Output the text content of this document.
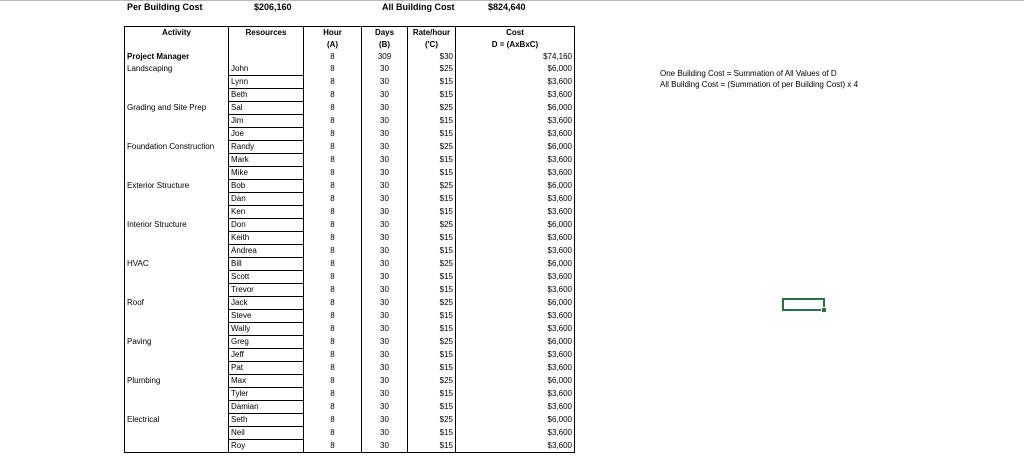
Per Building Cost	$206,160	All Building Cost	$824,640
Activity	Resources	Hour	Days	Rate/hour	Cost
		(A)	(B)	('C)	D = (AxBxC)
Project Manager		8	309	$30	$74,160
Landscaping	John	8	30	$25	$6,000
	Lynn	8	30	$15	$3,600
	Beth	8	30	$15	$3,600
Grading and Site Prep	Sal	8	30	$25	$6,000
	Jim	8	30	$15	$3,600
	Joe	8	30	$15	$3,600
Foundation Construction	Randy	8	30	$25	$6,000
	Mark	8	30	$15	$3,600
	Mike	8	30	$15	$3,600
Exterior Structure	Bob	8	30	$25	$6,000
	Dan	8	30	$15	$3,600
	Ken	8	30	$15	$3,600
Interior Structure	Don	8	30	$25	$6,000
	Keith	8	30	$15	$3,600
	Andrea	8	30	$15	$3,600
HVAC	Bill	8	30	$25	$6,000
	Scott	8	30	$15	$3,600
	Trevor	8	30	$15	$3,600
Roof	Jack	8	30	$25	$6,000
	Steve	8	30	$15	$3,600
	Wally	8	30	$15	$3,600
Paving	Greg	8	30	$25	$6,000
	Jeff	8	30	$15	$3,600
	Pat	8	30	$15	$3,600
Plumbing	Max	8	30	$25	$6,000
	Tyler	8	30	$15	$3,600
	Damian	8	30	$15	$3,600
Electrical	Seth	8	30	$25	$6,000
	Neil	8	30	$15	$3,600
	Roy	8	30	$15	$3,600
One Building Cost = Summation of All Values of D
All Building Cost = (Summation of per Building Cost) x 4
